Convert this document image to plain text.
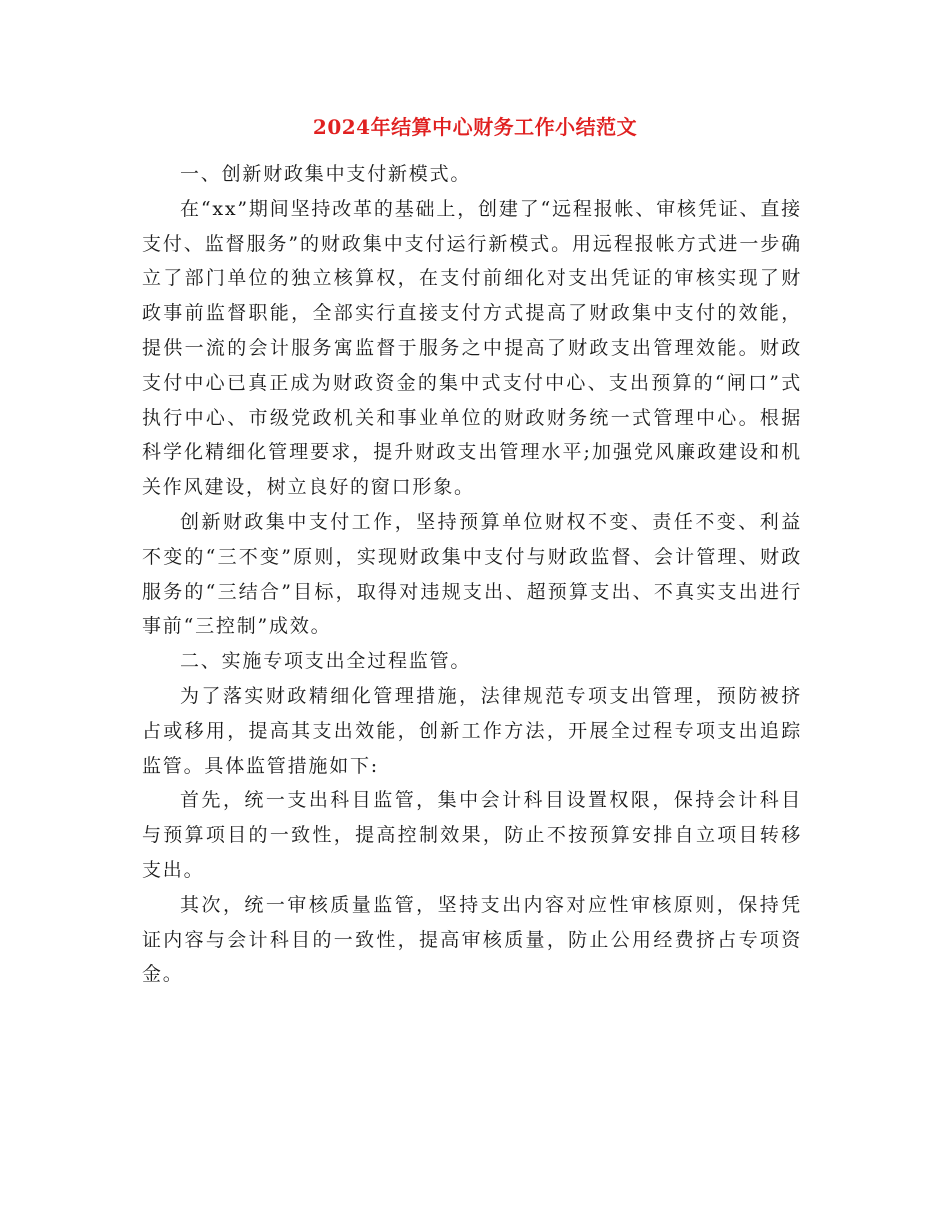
2024年结算中心财务工作小结范文

一、创新财政集中支付新模式。

在“xx”期间坚持改革的基础上，创建了“远程报帐、审核凭证、直接支付、监督服务”的财政集中支付运行新模式。用远程报帐方式进一步确立了部门单位的独立核算权，在支付前细化对支出凭证的审核实现了财政事前监督职能，全部实行直接支付方式提高了财政集中支付的效能，提供一流的会计服务寓监督于服务之中提高了财政支出管理效能。财政支付中心已真正成为财政资金的集中式支付中心、支出预算的“闸口”式执行中心、市级党政机关和事业单位的财政财务统一式管理中心。根据科学化精细化管理要求，提升财政支出管理水平;加强党风廉政建设和机关作风建设，树立良好的窗口形象。

创新财政集中支付工作，坚持预算单位财权不变、责任不变、利益不变的“三不变”原则，实现财政集中支付与财政监督、会计管理、财政服务的“三结合”目标，取得对违规支出、超预算支出、不真实支出进行事前“三控制”成效。

二、实施专项支出全过程监管。

为了落实财政精细化管理措施，法律规范专项支出管理，预防被挤占或移用，提高其支出效能，创新工作方法，开展全过程专项支出追踪监管。具体监管措施如下:

首先，统一支出科目监管，集中会计科目设置权限，保持会计科目与预算项目的一致性，提高控制效果，防止不按预算安排自立项目转移支出。

其次，统一审核质量监管，坚持支出内容对应性审核原则，保持凭证内容与会计科目的一致性，提高审核质量，防止公用经费挤占专项资金。
